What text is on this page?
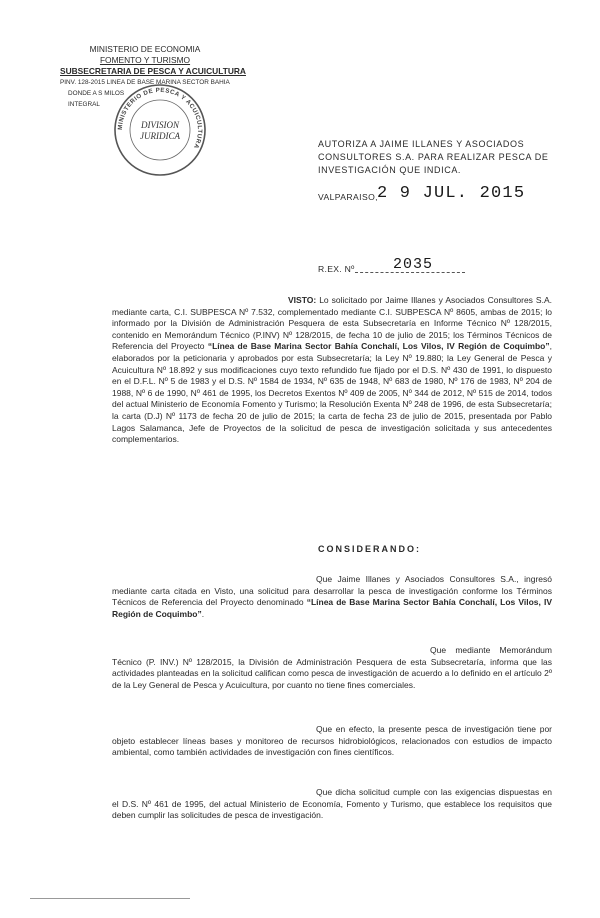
MINISTERIO DE ECONOMIA
FOMENTO Y TURISMO
SUBSECRETARIA DE PESCA Y ACUICULTURA
PINV. 128-2015 LINEA DE BASE MARINA SECTOR BAHIA
DONDE A S MILOS
INTEGRAL
MINISTERIO DE PESCA Y ACUICULTURA
DIVISION
JURIDICA
AUTORIZA A JAIME ILLANES Y ASOCIADOS CONSULTORES S.A. PARA REALIZAR PESCA DE INVESTIGACIÓN QUE INDICA.
VALPARAISO, 2 9 JUL. 2015
R.EX. Nº	2035
VISTO: Lo solicitado por Jaime Illanes y Asociados Consultores S.A. mediante carta, C.I. SUBPESCA Nº 7.532, complementado mediante C.I. SUBPESCA Nº 8605, ambas de 2015; lo informado por la División de Administración Pesquera de esta Subsecretaría en Informe Técnico Nº 128/2015, contenido en Memorándum Técnico (P.INV) Nº 128/2015, de fecha 10 de julio de 2015; los Términos Técnicos de Referencia del Proyecto “Línea de Base Marina Sector Bahía Conchalí, Los Vilos, IV Región de Coquimbo”, elaborados por la peticionaria y aprobados por esta Subsecretaría; la Ley Nº 19.880; la Ley General de Pesca y Acuicultura Nº 18.892 y sus modificaciones cuyo texto refundido fue fijado por el D.S. Nº 430 de 1991, lo dispuesto en el D.F.L. Nº 5 de 1983 y el D.S. Nº 1584 de 1934, Nº 635 de 1948, Nº 683 de 1980, Nº 176 de 1983, Nº 204 de 1988, Nº 6 de 1990, Nº 461 de 1995, los Decretos Exentos Nº 409 de 2005, Nº 344 de 2012, Nº 515 de 2014, todos del actual Ministerio de Economía Fomento y Turismo; la Resolución Exenta Nº 248 de 1996, de esta Subsecretaría; la carta (D.J) Nº 1173 de fecha 20 de julio de 2015; la carta de fecha 23 de julio de 2015, presentada por Pablo Lagos Salamanca, Jefe de Proyectos de la solicitud de pesca de investigación solicitada y sus antecedentes complementarios.
CONSIDERANDO:
Que Jaime Illanes y Asociados Consultores S.A., ingresó mediante carta citada en Visto, una solicitud para desarrollar la pesca de investigación conforme los Términos Técnicos de Referencia del Proyecto denominado “Línea de Base Marina Sector Bahía Conchalí, Los Vilos, IV Región de Coquimbo”.
Que mediante Memorándum Técnico (P. INV.) Nº 128/2015, la División de Administración Pesquera de esta Subsecretaría, informa que las actividades planteadas en la solicitud califican como pesca de investigación de acuerdo a lo definido en el artículo 2º de la Ley General de Pesca y Acuicultura, por cuanto no tiene fines comerciales.
Que en efecto, la presente pesca de investigación tiene por objeto establecer líneas bases y monitoreo de recursos hidrobiológicos, relacionados con estudios de impacto ambiental, como también actividades de investigación con fines científicos.
Que dicha solicitud cumple con las exigencias dispuestas en el D.S. Nº 461 de 1995, del actual Ministerio de Economía, Fomento y Turismo, que establece los requisitos que deben cumplir las solicitudes de pesca de investigación.
